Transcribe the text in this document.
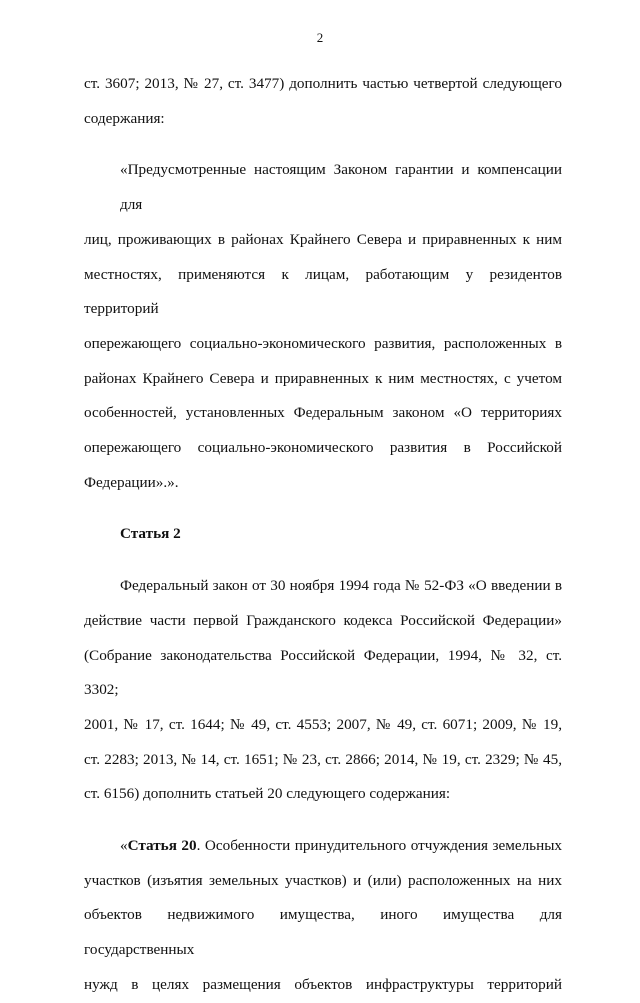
2

ст. 3607; 2013, № 27, ст. 3477) дополнить частью четвертой следующего

содержания:

«Предусмотренные настоящим Законом гарантии и компенсации для

лиц, проживающих в районах Крайнего Севера и приравненных к ним

местностях, применяются к лицам, работающим у резидентов территорий

опережающего социально-экономического развития, расположенных в

районах Крайнего Севера и приравненных к ним местностях, с учетом

особенностей, установленных Федеральным законом «О территориях

опережающего социально-экономического развития в Российской

Федерации».».

Статья 2

Федеральный закон от 30 ноября 1994 года № 52-ФЗ «О введении в

действие части первой Гражданского кодекса Российской Федерации»

(Собрание законодательства Российской Федерации, 1994, № 32, ст. 3302;

2001, № 17, ст. 1644; № 49, ст. 4553; 2007, № 49, ст. 6071; 2009, № 19,

ст. 2283; 2013, № 14, ст. 1651; № 23, ст. 2866; 2014, № 19, ст. 2329; № 45,

ст. 6156) дополнить статьей 20 следующего содержания:

«Статья 20. Особенности принудительного отчуждения земельных

участков (изъятия земельных участков) и (или) расположенных на них

объектов недвижимого имущества, иного имущества для государственных

нужд в целях размещения объектов инфраструктуры территорий
